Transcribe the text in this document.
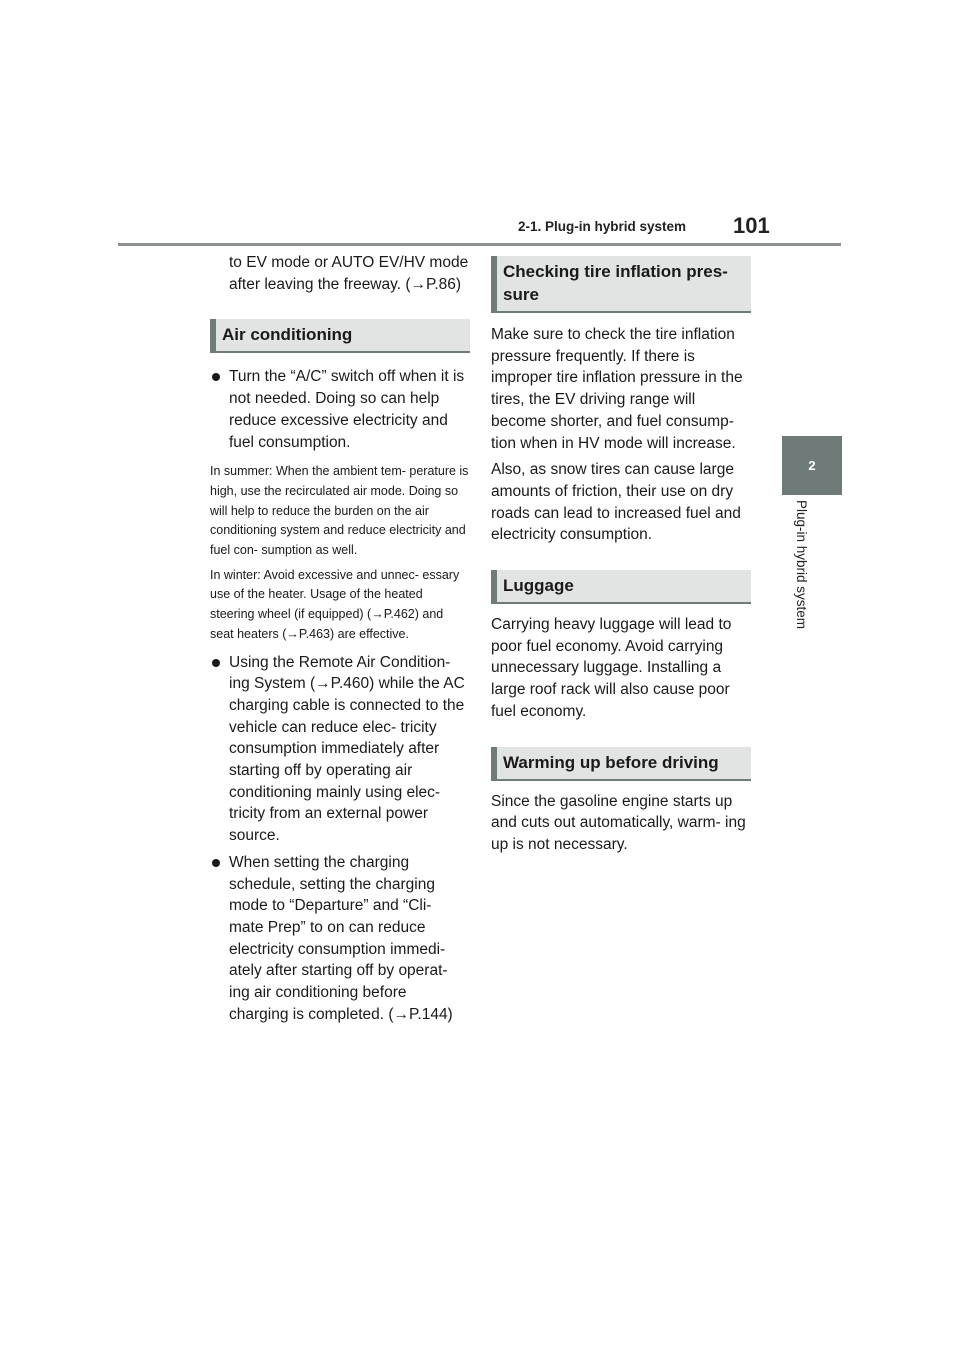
2-1. Plug-in hybrid system 101
2
Plug-in hybrid system
to EV mode or AUTO EV/HV mode after leaving the freeway. (→P.86)
Air conditioning
Turn the “A/C” switch off when it is not needed. Doing so can help reduce excessive electricity and fuel consumption.
In summer: When the ambient tem- perature is high, use the recirculated air mode. Doing so will help to reduce the burden on the air conditioning system and reduce electricity and fuel con- sumption as well.
In winter: Avoid excessive and unnec- essary use of the heater. Usage of the heated steering wheel (if equipped) (→P.462) and seat heaters (→P.463) are effective.
Using the Remote Air Condition- ing System (→P.460) while the AC charging cable is connected to the vehicle can reduce elec- tricity consumption immediately after starting off by operating air conditioning mainly using elec- tricity from an external power source.
When setting the charging schedule, setting the charging mode to “Departure” and “Cli- mate Prep” to on can reduce electricity consumption immedi- ately after starting off by operat- ing air conditioning before charging is completed. (→P.144)
Checking tire inflation pres- sure
Make sure to check the tire inflation pressure frequently. If there is improper tire inflation pressure in the tires, the EV driving range will become shorter, and fuel consump- tion when in HV mode will increase.
Also, as snow tires can cause large amounts of friction, their use on dry roads can lead to increased fuel and electricity consumption.
Luggage
Carrying heavy luggage will lead to poor fuel economy. Avoid carrying unnecessary luggage. Installing a large roof rack will also cause poor fuel economy.
Warming up before driving
Since the gasoline engine starts up and cuts out automatically, warm- ing up is not necessary.
